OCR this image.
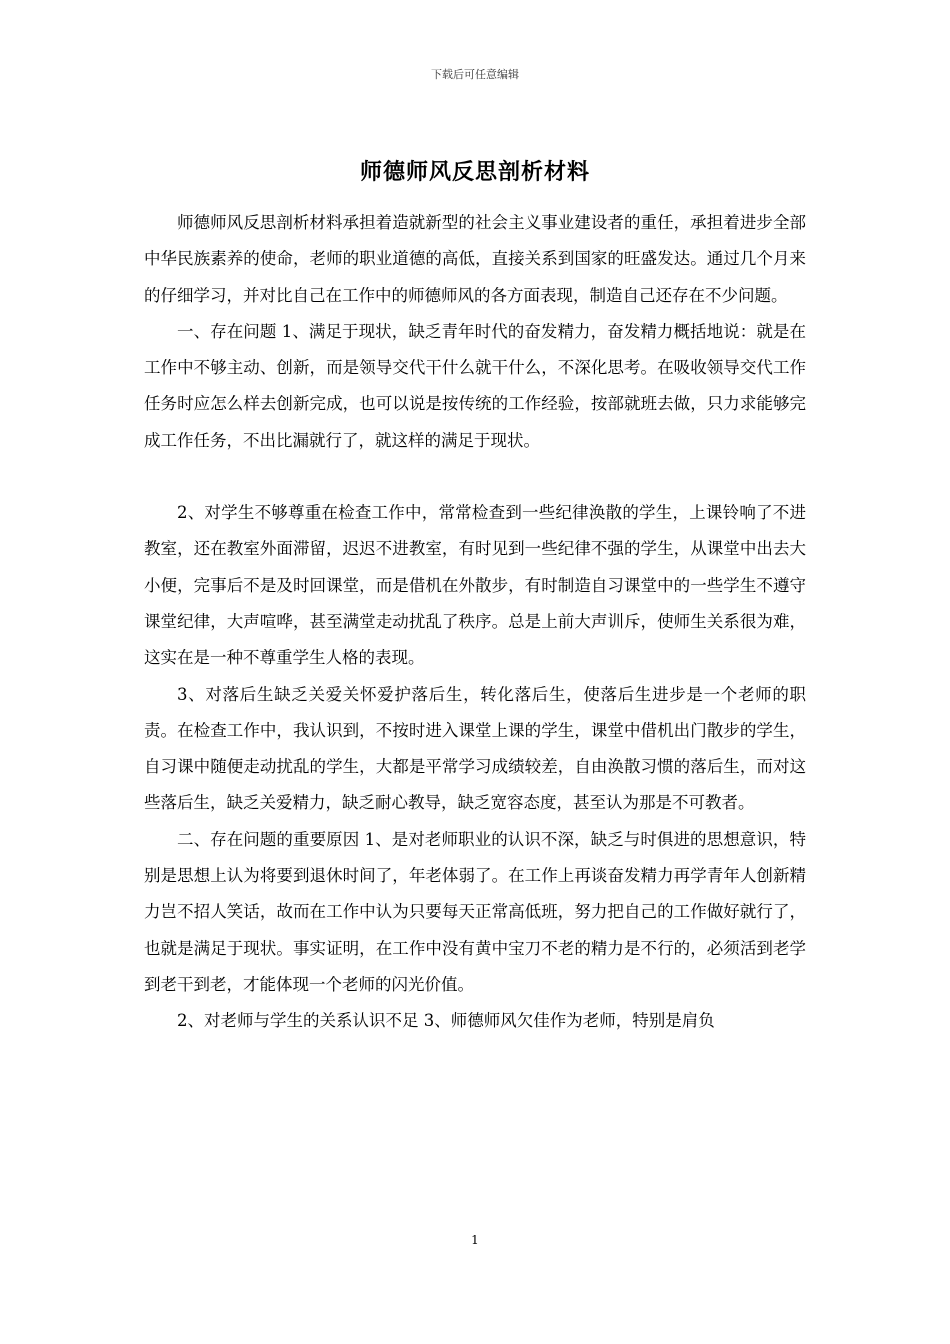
下载后可任意编辑
师德师风反思剖析材料

师德师风反思剖析材料承担着造就新型的社会主义事业建设者的重任，承担着进步全部中华民族素养的使命，老师的职业道德的高低，直接关系到国家的旺盛发达。通过几个月来的仔细学习，并对比自己在工作中的师德师风的各方面表现，制造自己还存在不少问题。

一、存在问题 1、满足于现状，缺乏青年时代的奋发精力，奋发精力概括地说：就是在工作中不够主动、创新，而是领导交代干什么就干什么，不深化思考。在吸收领导交代工作任务时应怎么样去创新完成，也可以说是按传统的工作经验，按部就班去做，只力求能够完成工作任务，不出比漏就行了，就这样的满足于现状。

2、对学生不够尊重在检查工作中，常常检查到一些纪律涣散的学生，上课铃响了不进教室，还在教室外面滞留，迟迟不进教室，有时见到一些纪律不强的学生，从课堂中出去大小便，完事后不是及时回课堂，而是借机在外散步，有时制造自习课堂中的一些学生不遵守课堂纪律，大声喧哗，甚至满堂走动扰乱了秩序。总是上前大声训斥，使师生关系很为难，这实在是一种不尊重学生人格的表现。

3、对落后生缺乏关爱关怀爱护落后生，转化落后生，使落后生进步是一个老师的职责。在检查工作中，我认识到，不按时进入课堂上课的学生，课堂中借机出门散步的学生，自习课中随便走动扰乱的学生，大都是平常学习成绩较差，自由涣散习惯的落后生，而对这些落后生，缺乏关爱精力，缺乏耐心教导，缺乏宽容态度，甚至认为那是不可教者。

二、存在问题的重要原因 1、是对老师职业的认识不深，缺乏与时俱进的思想意识，特别是思想上认为将要到退休时间了，年老体弱了。在工作上再谈奋发精力再学青年人创新精力岂不招人笑话，故而在工作中认为只要每天正常高低班，努力把自己的工作做好就行了，也就是满足于现状。事实证明，在工作中没有黄中宝刀不老的精力是不行的，必须活到老学到老干到老，才能体现一个老师的闪光价值。

2、对老师与学生的关系认识不足 3、师德师风欠佳作为老师，特别是肩负

1
